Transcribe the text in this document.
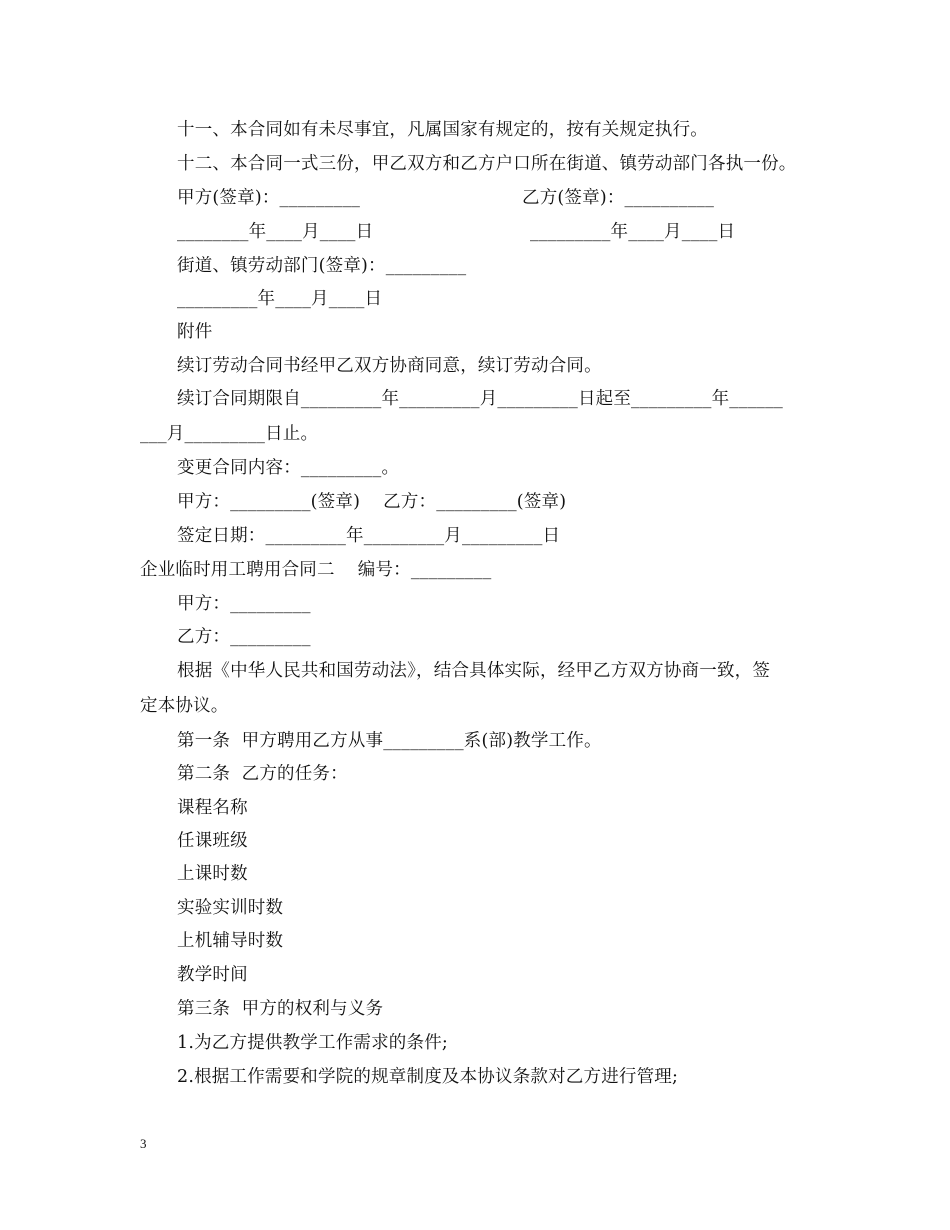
十一、本合同如有未尽事宜，凡属国家有规定的，按有关规定执行。
十二、本合同一式三份，甲乙双方和乙方户口所在街道、镇劳动部门各执一份。
甲方(签章)：_________	乙方(签章)：__________
________年____月____日	_________年____月____日
街道、镇劳动部门(签章)：_________
_________年____月____日
附件
续订劳动合同书经甲乙双方协商同意，续订劳动合同。
续订合同期限自_________年_________月_________日起至_________年______
___月_________日止。
变更合同内容：_________。
甲方：_________(签章)    乙方：_________(签章)
签定日期：_________年_________月_________日
企业临时用工聘用合同二    编号：_________
甲方：_________
乙方：_________
根据《中华人民共和国劳动法》，结合具体实际，经甲乙方双方协商一致，签
定本协议。
第一条  甲方聘用乙方从事_________系(部)教学工作。
第二条  乙方的任务：
课程名称
任课班级
上课时数
实验实训时数
上机辅导时数
教学时间
第三条  甲方的权利与义务
1.为乙方提供教学工作需求的条件;
2.根据工作需要和学院的规章制度及本协议条款对乙方进行管理;
3
